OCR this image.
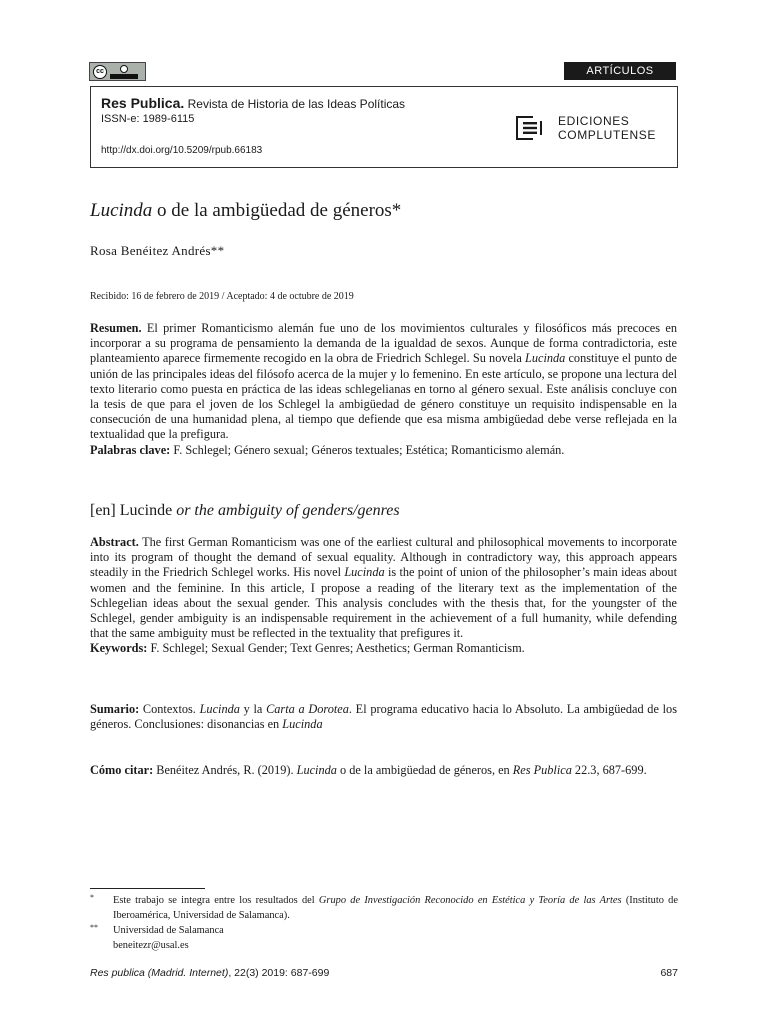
cc	ARTÍCULOS
Res Publica. Revista de Historia de las Ideas Políticas
ISSN-e: 1989-6115
http://dx.doi.org/10.5209/rpub.66183
EDICIONES
COMPLUTENSE
Lucinda o de la ambigüedad de géneros*
Rosa Benéitez Andrés**
Recibido: 16 de febrero de 2019 / Aceptado: 4 de octubre de 2019

Resumen. El primer Romanticismo alemán fue uno de los movimientos culturales y filosóficos más precoces en incorporar a su programa de pensamiento la demanda de la igualdad de sexos. Aunque de forma contradictoria, este planteamiento aparece firmemente recogido en la obra de Friedrich Schlegel. Su novela Lucinda constituye el punto de unión de las principales ideas del filósofo acerca de la mujer y lo femenino. En este artículo, se propone una lectura del texto literario como puesta en práctica de las ideas schlegelianas en torno al género sexual. Este análisis concluye con la tesis de que para el joven de los Schlegel la ambigüedad de género constituye un requisito indispensable en la consecución de una humanidad plena, al tiempo que defiende que esa misma ambigüedad debe verse reflejada en la textualidad que la prefigura.
Palabras clave: F. Schlegel; Género sexual; Géneros textuales; Estética; Romanticismo alemán.

[en] Lucinde or the ambiguity of genders/genres

Abstract. The first German Romanticism was one of the earliest cultural and philosophical movements to incorporate into its program of thought the demand of sexual equality. Although in contradictory way, this approach appears steadily in the Friedrich Schlegel works. His novel Lucinda is the point of union of the philosopher’s main ideas about women and the feminine. In this article, I propose a reading of the literary text as the implementation of the Schlegelian ideas about the sexual gender. This analysis concludes with the thesis that, for the youngster of the Schlegel, gender ambiguity is an indispensable requirement in the achievement of a full humanity, while defending that the same ambiguity must be reflected in the textuality that prefigures it.
Keywords: F. Schlegel; Sexual Gender; Text Genres; Aesthetics; German Romanticism.

Sumario: Contextos. Lucinda y la Carta a Dorotea. El programa educativo hacia lo Absoluto. La ambigüedad de los géneros. Conclusiones: disonancias en Lucinda

Cómo citar: Benéitez Andrés, R. (2019). Lucinda o de la ambigüedad de géneros, en Res Publica 22.3, 687-699.

*	Este trabajo se integra entre los resultados del Grupo de Investigación Reconocido en Estética y Teoría de las Artes (Instituto de Iberoamérica, Universidad de Salamanca).
**	Universidad de Salamanca
beneitezr@usal.es
Res publica (Madrid. Internet), 22(3) 2019: 687-699	687
